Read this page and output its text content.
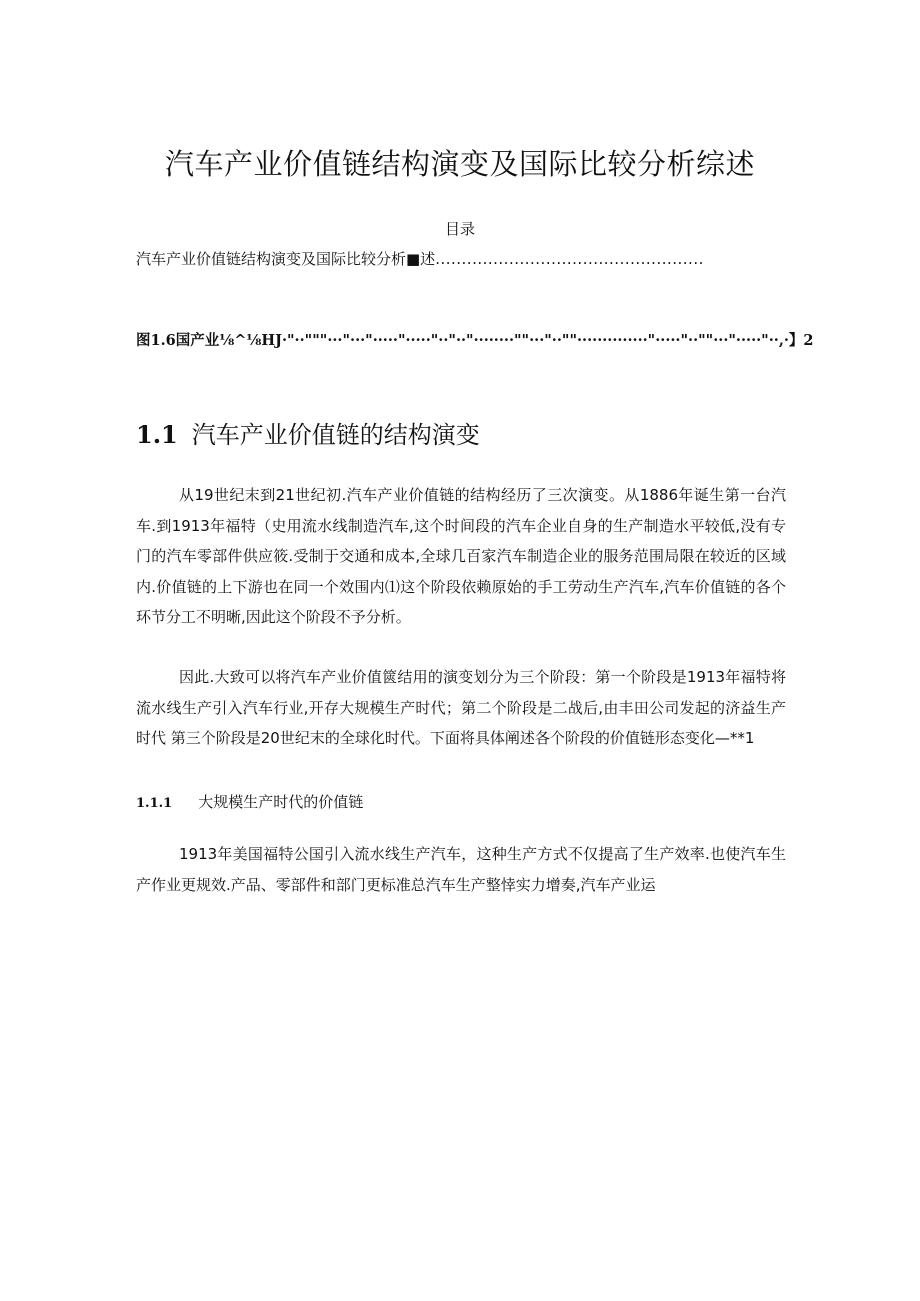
汽车产业价值链结构演变及国际比较分析综述
目录
汽车产业价值链结构演变及国际比较分析■述...................................................
图1.6国产业⅛^⅛HJ·"··"""···"···"·····"·····"··"··"········""···"··""··············"·····"··""···"·····"··,·】2
1.1 汽车产业价值链的结构演变

从19世纪末到21世纪初.汽车产业价值链的结构经历了三次演变。从1886年诞生第一台汽车.到1913年福特（史用流水线制造汽车,这个时间段的汽车企业自身的生产制造水平较低,没有专门的汽车零部件供应筱.受制于交通和成本,全球几百家汽车制造企业的服务范围局限在较近的区域内.价值链的上下游也在同一个效围内⑴这个阶段依赖原始的手工劳动生产汽车,汽车价值链的各个环节分工不明晰,因此这个阶段不予分析。

因此.大致可以将汽车产业价值篋结用的演变划分为三个阶段：第一个阶段是1913年福特将流水线生产引入汽车行业,开存大规模生产时代；第二个阶段是二战后,由丰田公司发起的济益生产时代 第三个阶段是20世纪末的全球化时代。下面将具体阐述各个阶段的价值链形态变化—**1

1.1.1 大规模生产时代的价值链

1913年美国福特公国引入流水线生产汽车，这种生产方式不仅提高了生产效率.也使汽车生产作业更规效.产品、零部件和部门更标准总汽车生产整悻实力增奏,汽车产业运
